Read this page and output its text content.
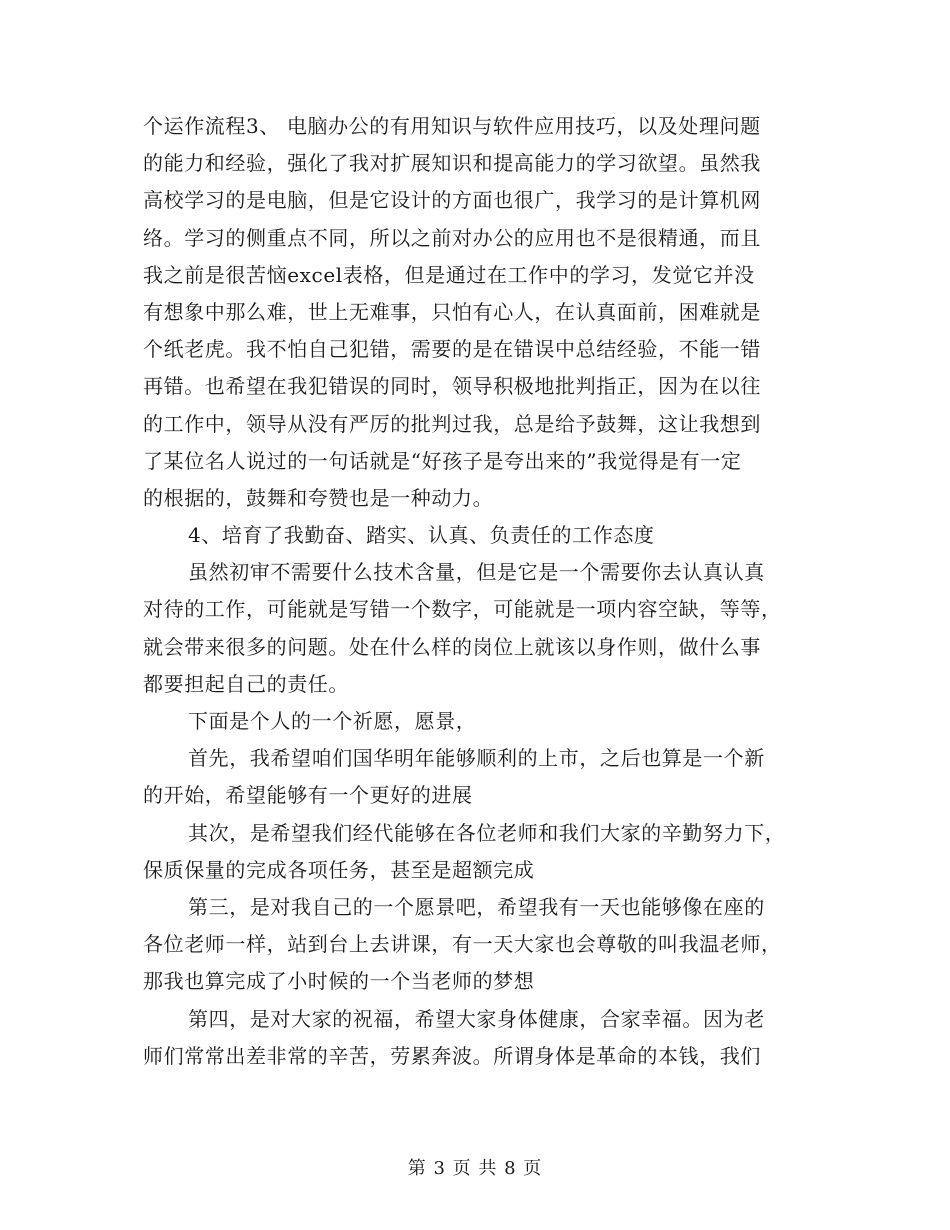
个运作流程3、 电脑办公的有用知识与软件应用技巧，以及处理问题
的能力和经验，强化了我对扩展知识和提高能力的学习欲望。虽然我
高校学习的是电脑，但是它设计的方面也很广，我学习的是计算机网
络。学习的侧重点不同，所以之前对办公的应用也不是很精通，而且
我之前是很苦恼excel表格，但是通过在工作中的学习，发觉它并没
有想象中那么难，世上无难事，只怕有心人，在认真面前，困难就是
个纸老虎。我不怕自己犯错，需要的是在错误中总结经验，不能一错
再错。也希望在我犯错误的同时，领导积极地批判指正，因为在以往
的工作中，领导从没有严厉的批判过我，总是给予鼓舞，这让我想到
了某位名人说过的一句话就是“好孩子是夸出来的”我觉得是有一定
的根据的，鼓舞和夸赞也是一种动力。
4、培育了我勤奋、踏实、认真、负责任的工作态度
虽然初审不需要什么技术含量，但是它是一个需要你去认真认真
对待的工作，可能就是写错一个数字，可能就是一项内容空缺，等等，
就会带来很多的问题。处在什么样的岗位上就该以身作则，做什么事
都要担起自己的责任。
下面是个人的一个祈愿，愿景，
首先，我希望咱们国华明年能够顺利的上市，之后也算是一个新
的开始，希望能够有一个更好的进展
其次，是希望我们经代能够在各位老师和我们大家的辛勤努力下，
保质保量的完成各项任务，甚至是超额完成
第三，是对我自己的一个愿景吧，希望我有一天也能够像在座的
各位老师一样，站到台上去讲课，有一天大家也会尊敬的叫我温老师，
那我也算完成了小时候的一个当老师的梦想
第四，是对大家的祝福，希望大家身体健康，合家幸福。因为老
师们常常出差非常的辛苦，劳累奔波。所谓身体是革命的本钱，我们
第 3 页 共 8 页
